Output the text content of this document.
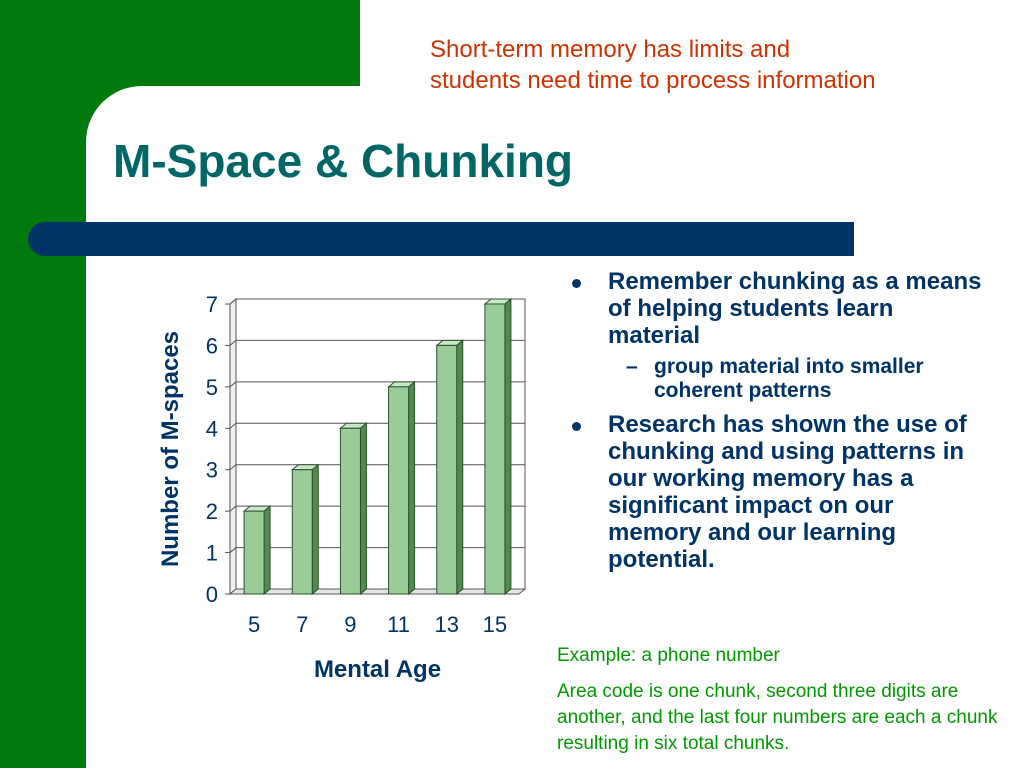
Short-term memory has limits and
students need time to process information
M-Space & Chunking
0
1
2
3
4
5
6
7
5 7 9 11 13 15
Mental Age
Number of M-spaces
Remember chunking as a means of helping students learn material
– group material into smaller coherent patterns
Research has shown the use of chunking and using patterns in our working memory has a significant impact on our memory and our learning potential.

Example: a phone number

Area code is one chunk, second three digits are another, and the last four numbers are each a chunk resulting in six total chunks.
